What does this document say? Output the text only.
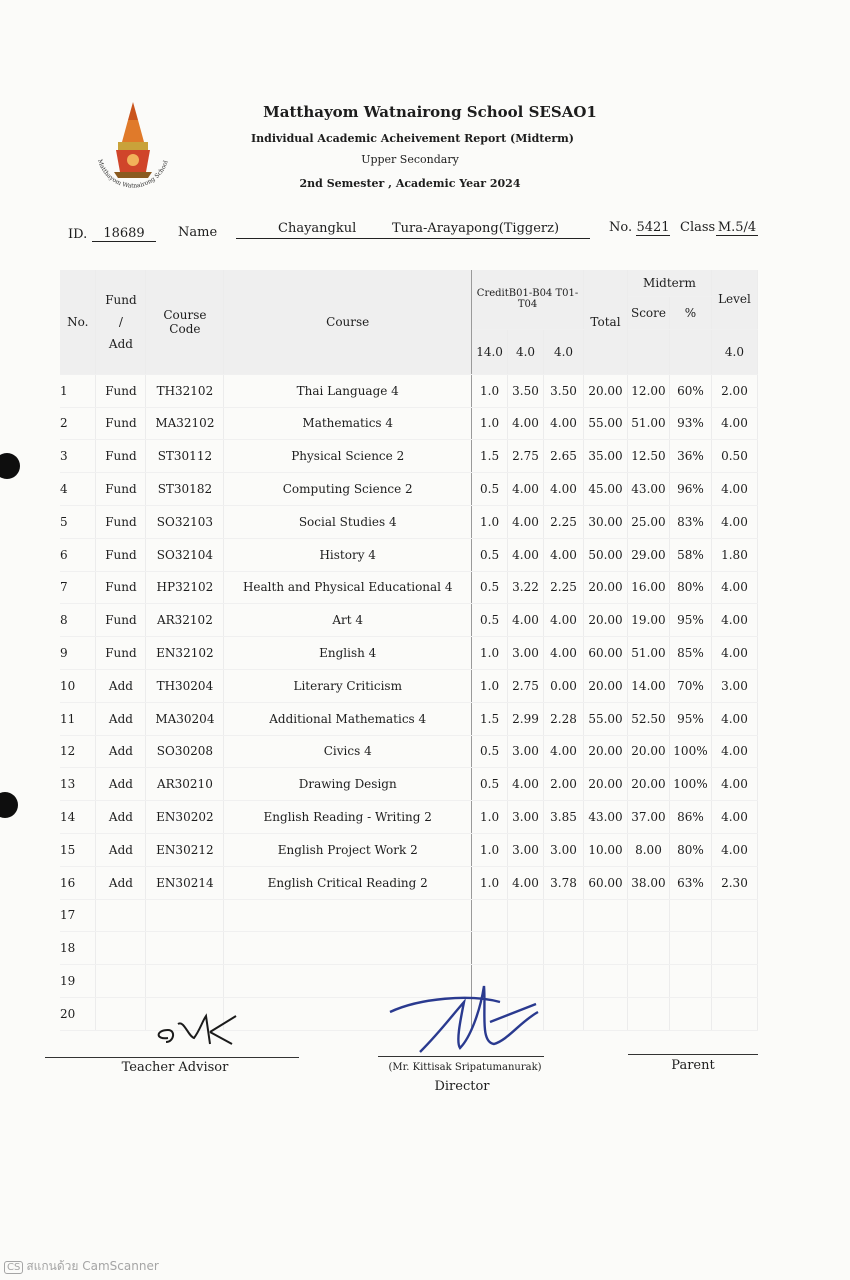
Matthayom Watnairong School
Matthayom Watnairong School SESAO1
Individual Academic Acheivement Report (Midterm)
Upper Secondary
2nd Semester , Academic Year 2024
ID.	18689	Name	Chayangkul	Tura-Arayapong(Tiggerz)	No. 5421 Class M.5/4
No.	Fund
/
Add	Course Code	Course	CreditB01-B04 T01-T04			Total	Midterm		Level
								Score	%	
				14.0	4.0	4.0				4.0
1	Fund	TH32102	Thai Language 4	1.0	3.50	3.50	20.00	12.00	60%	2.00
2	Fund	MA32102	Mathematics 4	1.0	4.00	4.00	55.00	51.00	93%	4.00
3	Fund	ST30112	Physical Science 2	1.5	2.75	2.65	35.00	12.50	36%	0.50
4	Fund	ST30182	Computing Science 2	0.5	4.00	4.00	45.00	43.00	96%	4.00
5	Fund	SO32103	Social Studies 4	1.0	4.00	2.25	30.00	25.00	83%	4.00
6	Fund	SO32104	History 4	0.5	4.00	4.00	50.00	29.00	58%	1.80
7	Fund	HP32102	Health and Physical Educational 4	0.5	3.22	2.25	20.00	16.00	80%	4.00
8	Fund	AR32102	Art 4	0.5	4.00	4.00	20.00	19.00	95%	4.00
9	Fund	EN32102	English 4	1.0	3.00	4.00	60.00	51.00	85%	4.00
10	Add	TH30204	Literary Criticism	1.0	2.75	0.00	20.00	14.00	70%	3.00
11	Add	MA30204	Additional Mathematics 4	1.5	2.99	2.28	55.00	52.50	95%	4.00
12	Add	SO30208	Civics 4	0.5	3.00	4.00	20.00	20.00	100%	4.00
13	Add	AR30210	Drawing Design	0.5	4.00	2.00	20.00	20.00	100%	4.00
14	Add	EN30202	English Reading - Writing 2	1.0	3.00	3.85	43.00	37.00	86%	4.00
15	Add	EN30212	English Project Work 2	1.0	3.00	3.00	10.00	8.00	80%	4.00
16	Add	EN30214	English Critical Reading 2	1.0	4.00	3.78	60.00	38.00	63%	2.30
17										
18										
19										
20										
Teacher Advisor	(Mr. Kittisak Sripatumanurak)
Director
Parent
CS สแกนด้วย CamScanner
